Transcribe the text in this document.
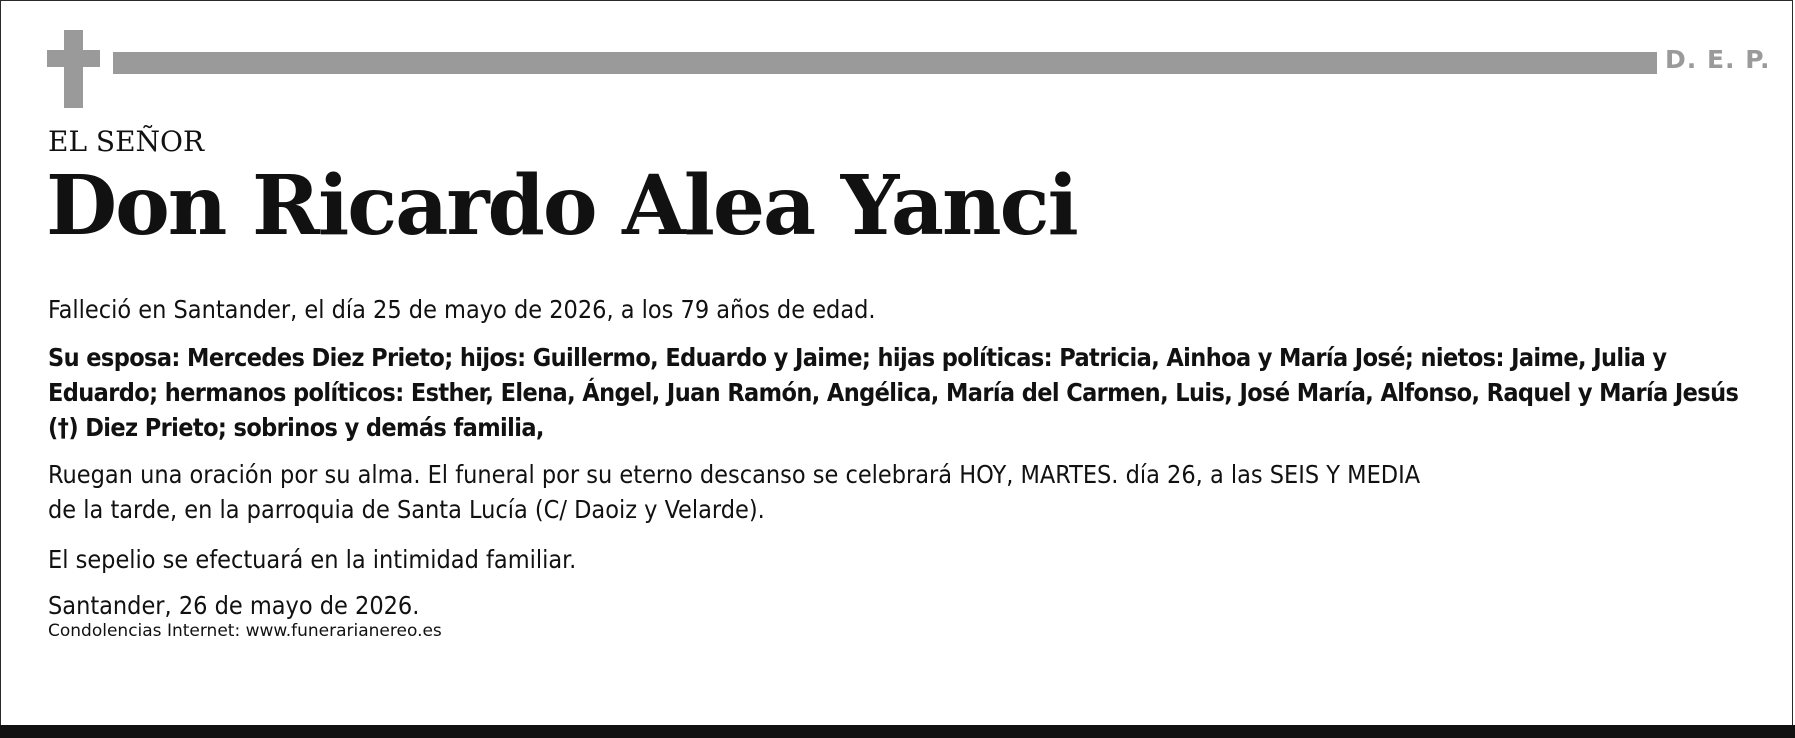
D. E. P.
EL SEÑOR
Don Ricardo Alea Yanci
Falleció en Santander, el día 25 de mayo de 2026, a los 79 años de edad.
Su esposa: Mercedes Diez Prieto; hijos: Guillermo, Eduardo y Jaime; hijas políticas: Patricia, Ainhoa y María José; nietos: Jaime, Julia y Eduardo; hermanos políticos: Esther, Elena, Ángel, Juan Ramón, Angélica, María del Carmen, Luis, José María, Alfonso, Raquel y María Jesús (†) Diez Prieto; sobrinos y demás familia,
Ruegan una oración por su alma. El funeral por su eterno descanso se celebrará HOY, MARTES. día 26, a las SEIS Y MEDIA
de la tarde, en la parroquia de Santa Lucía (C/ Daoiz y Velarde).
El sepelio se efectuará en la intimidad familiar.
Santander, 26 de mayo de 2026.
Condolencias Internet: www.funerarianereo.es
